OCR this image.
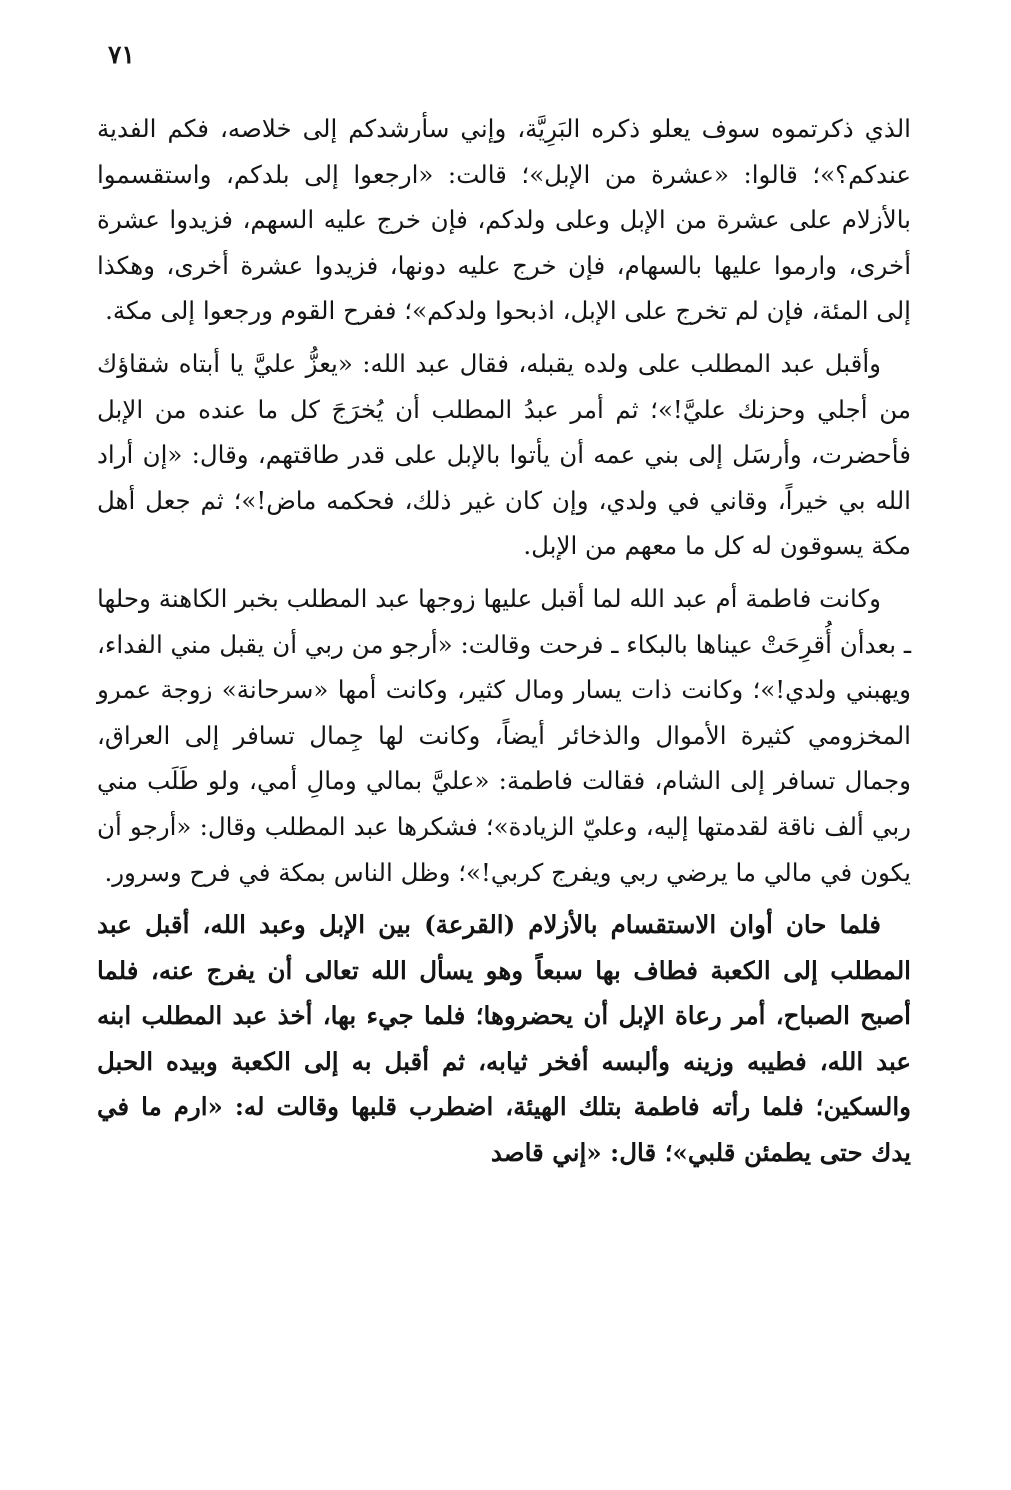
٧١

الذي ذكرتموه سوف يعلو ذكره البَرِيَّة، وإني سأرشدكم إلى خلاصه، فكم الفدية عندكم؟»؛ قالوا: «عشرة من الإبل»؛ قالت: «ارجعوا إلى بلدكم، واستقسموا بالأزلام على عشرة من الإبل وعلى ولدكم، فإن خرج عليه السهم، فزيدوا عشرة أخرى، وارموا عليها بالسهام، فإن خرج عليه دونها، فزيدوا عشرة أخرى، وهكذا إلى المئة، فإن لم تخرج على الإبل، اذبحوا ولدكم»؛ ففرح القوم ورجعوا إلى مكة.

وأقبل عبد المطلب على ولده يقبله، فقال عبد الله: «يعزُّ عليَّ يا أبتاه شقاؤك من أجلي وحزنك عليَّ!»؛ ثم أمر عبدُ المطلب أن يُخرَجَ كل ما عنده من الإبل فأحضرت، وأرسَل إلى بني عمه أن يأتوا بالإبل على قدر طاقتهم، وقال: «إن أراد الله بي خيراً، وقاني في ولدي، وإن كان غير ذلك، فحكمه ماض!»؛ ثم جعل أهل مكة يسوقون له كل ما معهم من الإبل.

وكانت فاطمة أم عبد الله لما أقبل عليها زوجها عبد المطلب بخبر الكاهنة وحلها ـ بعدأن أُقرِحَتْ عيناها بالبكاء ـ فرحت وقالت: «أرجو من ربي أن يقبل مني الفداء، ويهبني ولدي!»؛ وكانت ذات يسار ومال كثير، وكانت أمها «سرحانة» زوجة عمرو المخزومي كثيرة الأموال والذخائر أيضاً، وكانت لها جِمال تسافر إلى العراق، وجمال تسافر إلى الشام، فقالت فاطمة: «عليَّ بمالي ومالِ أمي، ولو طَلَب مني ربي ألف ناقة لقدمتها إليه، وعليّ الزيادة»؛ فشكرها عبد المطلب وقال: «أرجو أن يكون في مالي ما يرضي ربي ويفرج كربي!»؛ وظل الناس بمكة في فرح وسرور.

فلما حان أوان الاستقسام بالأزلام (القرعة) بين الإبل وعبد الله، أقبل عبد المطلب إلى الكعبة فطاف بها سبعاً وهو يسأل الله تعالى أن يفرج عنه، فلما أصبح الصباح، أمر رعاة الإبل أن يحضروها؛ فلما جيء بها، أخذ عبد المطلب ابنه عبد الله، فطيبه وزينه وألبسه أفخر ثيابه، ثم أقبل به إلى الكعبة وبيده الحبل والسكين؛ فلما رأته فاطمة بتلك الهيئة، اضطرب قلبها وقالت له: «ارم ما في يدك حتى يطمئن قلبي»؛ قال: «إني قاصد
